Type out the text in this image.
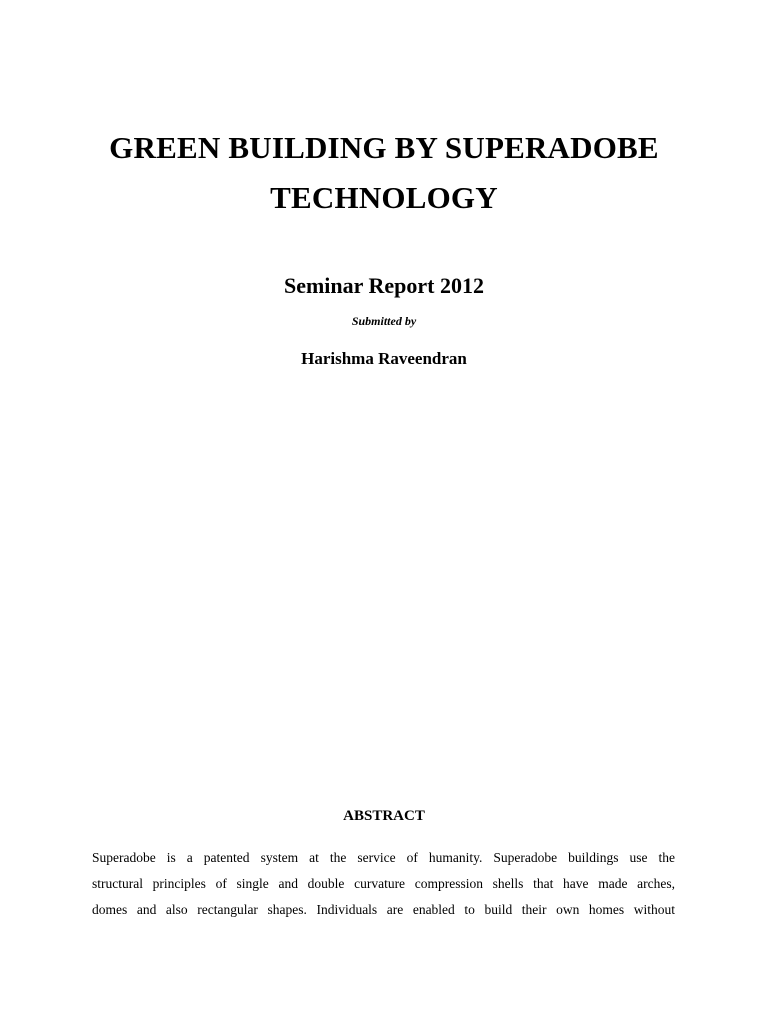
GREEN BUILDING BY SUPERADOBE
TECHNOLOGY
Seminar Report 2012
Submitted by
Harishma Raveendran
ABSTRACT
Superadobe is a patented system at the service of humanity. Superadobe buildings use the
structural principles of single and double curvature compression shells that have made arches,
domes and also rectangular shapes. Individuals are enabled to build their own homes without
